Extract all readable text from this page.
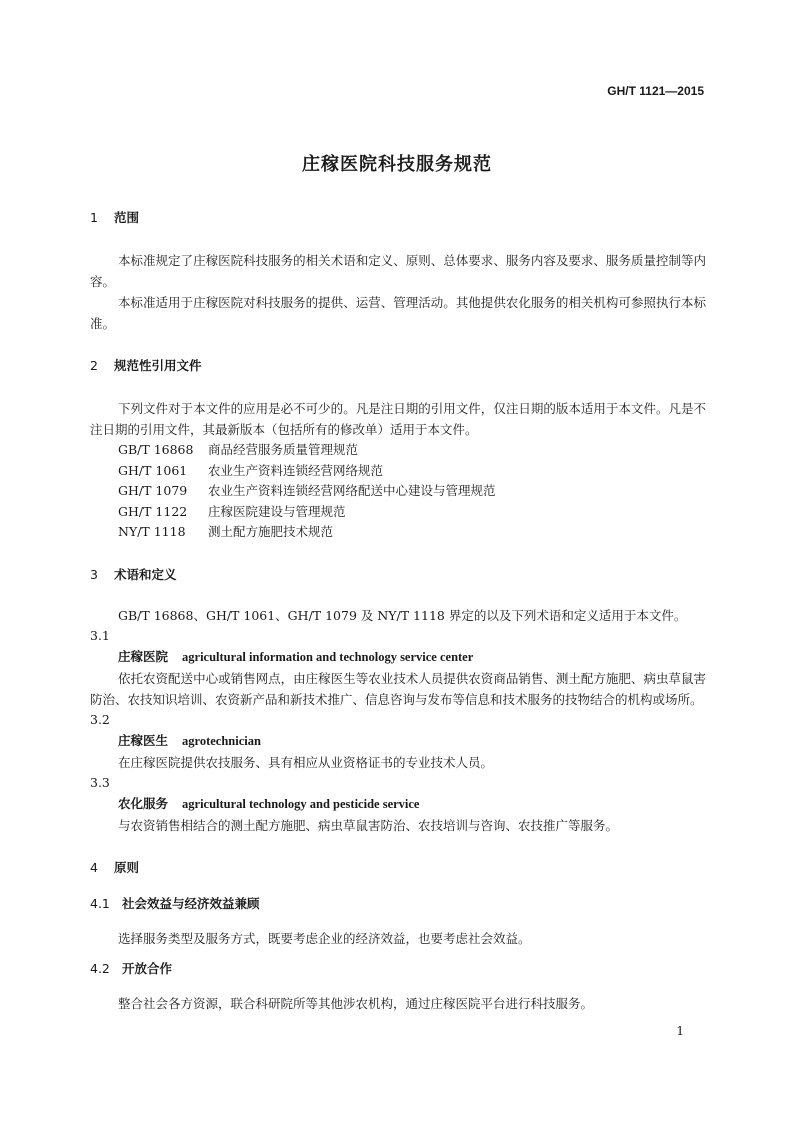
GH/T 1121—2015
庄稼医院科技服务规范

1 范围

本标准规定了庄稼医院科技服务的相关术语和定义、原则、总体要求、服务内容及要求、服务质量控制等内容。

本标准适用于庄稼医院对科技服务的提供、运营、管理活动。其他提供农化服务的相关机构可参照执行本标准。

2 规范性引用文件

下列文件对于本文件的应用是必不可少的。凡是注日期的引用文件，仅注日期的版本适用于本文件。凡是不注日期的引用文件，其最新版本（包括所有的修改单）适用于本文件。

GB/T 16868 商品经营服务质量管理规范

GH/T 1061 农业生产资料连锁经营网络规范

GH/T 1079 农业生产资料连锁经营网络配送中心建设与管理规范

GH/T 1122 庄稼医院建设与管理规范

NY/T 1118 测土配方施肥技术规范

3 术语和定义

GB/T 16868、GH/T 1061、GH/T 1079 及 NY/T 1118 界定的以及下列术语和定义适用于本文件。

3.1

庄稼医院 agricultural information and technology service center

依托农资配送中心或销售网点，由庄稼医生等农业技术人员提供农资商品销售、测土配方施肥、病虫草鼠害防治、农技知识培训、农资新产品和新技术推广、信息咨询与发布等信息和技术服务的技物结合的机构或场所。

3.2

庄稼医生 agrotechnician

在庄稼医院提供农技服务、具有相应从业资格证书的专业技术人员。

3.3

农化服务 agricultural technology and pesticide service

与农资销售相结合的测土配方施肥、病虫草鼠害防治、农技培训与咨询、农技推广等服务。

4 原则

4.1 社会效益与经济效益兼顾

选择服务类型及服务方式，既要考虑企业的经济效益，也要考虑社会效益。

4.2 开放合作

整合社会各方资源，联合科研院所等其他涉农机构，通过庄稼医院平台进行科技服务。

1
